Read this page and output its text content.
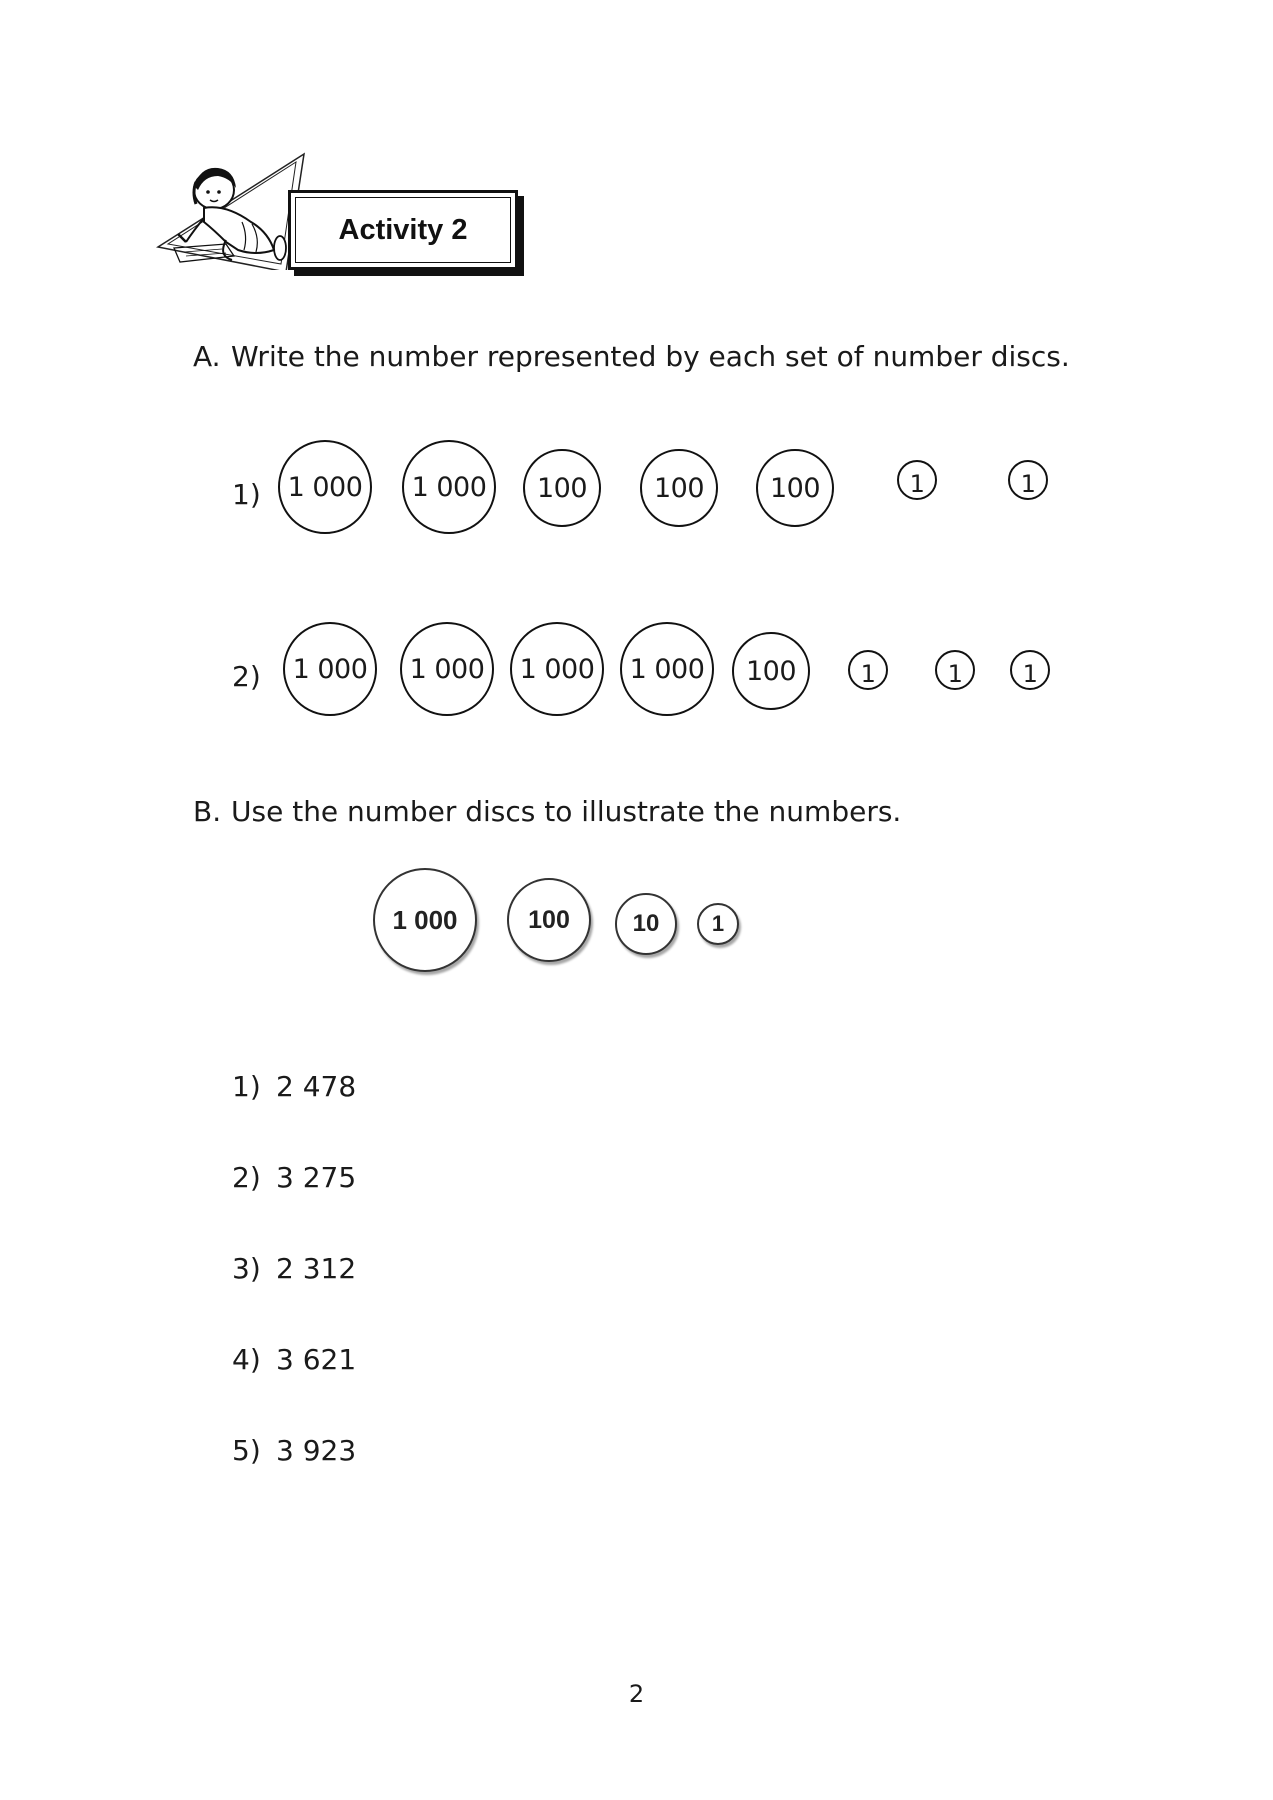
Activity 2
A. Write the number represented by each set of number discs.
1) 1 000 1 000 100 100 100	1	1
2) 1 000 1 000 1 000 1 000 100	1	1	1
B. Use the number discs to illustrate the numbers.
1 000	100	10 1
1) 2 478
2) 3 275
3) 2 312
4) 3 621
5) 3 923
2
